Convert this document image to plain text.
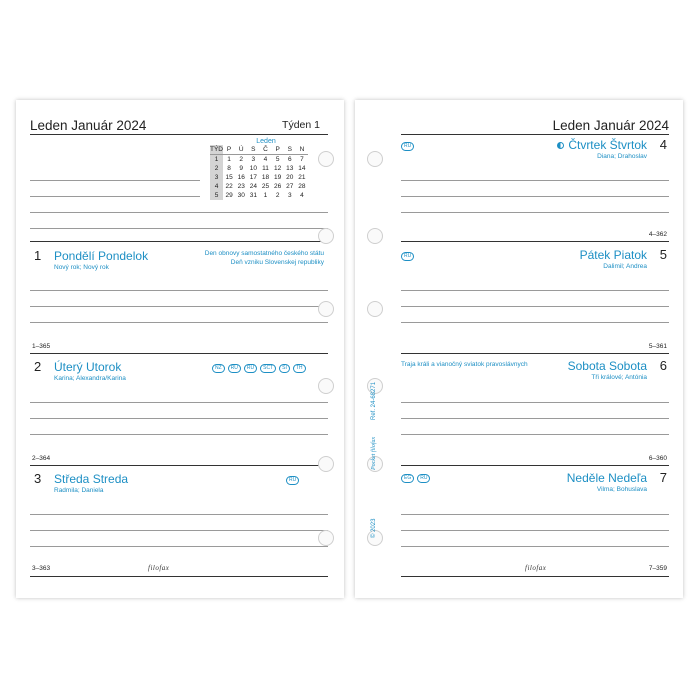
Leden Január 2024	Týden 1
Leden
TÝD	P	Ú	S	Č	P	S	N
1	1	2	3	4	5	6	7
2	8	9	10	11	12	13	14
3	15	16	17	18	19	20	21
4	22	23	24	25	26	27	28
5	29	30	31	1	2	3	4
1 Pondělí Pondelok
Nový rok; Nový rok
Den obnovy samostatného českého státu
Deň vzniku Slovenskej republiky
1–365
2 Úterý Utorok
Karina; Alexandra/Karina
NZ	RU	RU	SCT	SI	TH
2–364
3 Středa Streda
Radmila; Daniela
RU
3–363	filofax
Leden Január 2024
RU	Čtvrtek Štvrtok 4
Diana; Drahoslav
4–362
RU	Pátek Piatok 5
Dalimil; Andrea
5–361
Traja králi a vianočný sviatok pravoslávnych	Sobota Sobota 6
Tři králové; Antónia
6–360
EG	RU	Neděle Nedeľa 7
Vilma; Bohuslava
7–359
filofax
Ref. 24-68271
Pocket filofax
© 2023
